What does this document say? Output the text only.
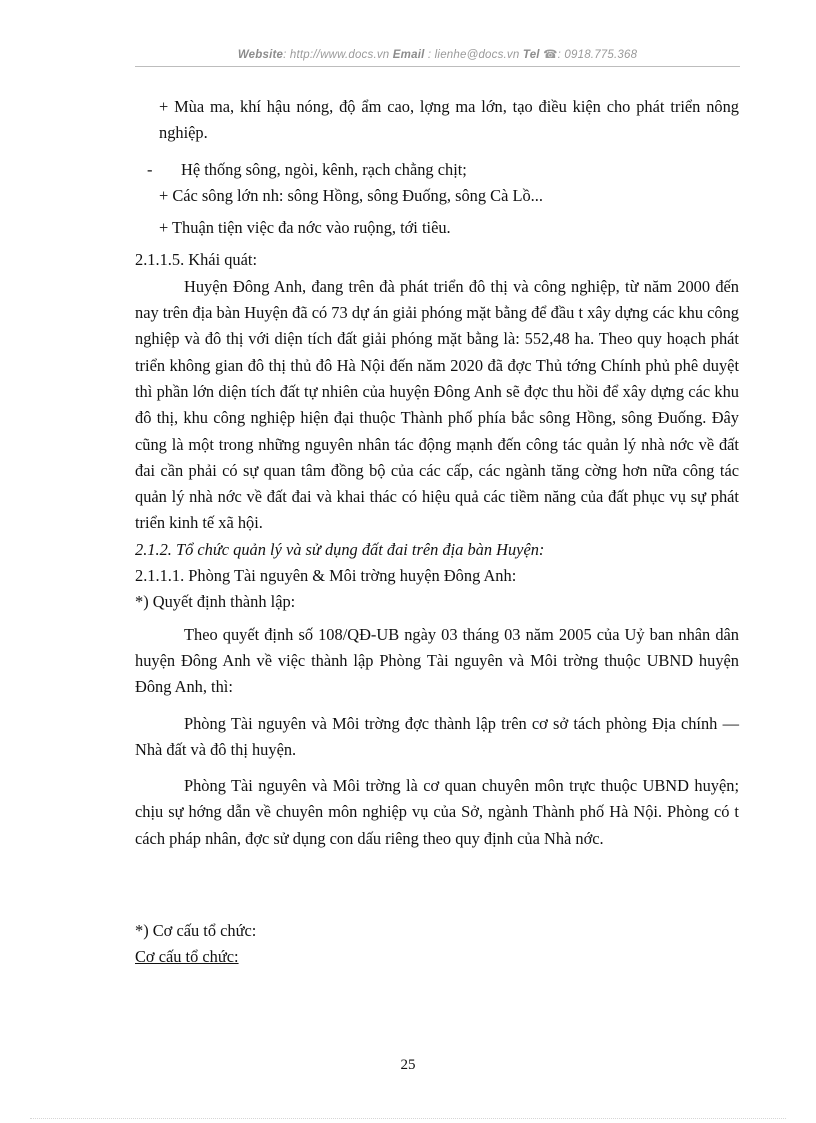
Website: http://www.docs.vn Email : lienhe@docs.vn Tel ☎: 0918.775.368

+ Mùa ma, khí hậu nóng, độ ẩm cao, lợng ma lớn, tạo điều kiện cho phát triển nông nghiệp.

- Hệ thống sông, ngòi, kênh, rạch chằng chịt;

+ Các sông lớn nh: sông Hồng, sông Đuống, sông Cà Lồ...

+ Thuận tiện việc đa nớc vào ruộng, tới tiêu.

2.1.1.5. Khái quát:

Huyện Đông Anh, đang trên đà phát triển đô thị và công nghiệp, từ năm 2000 đến nay trên địa bàn Huyện đã có 73 dự án giải phóng mặt bằng để đầu t xây dựng các khu công nghiệp và đô thị với diện tích đất giải phóng mặt bằng là: 552,48 ha. Theo quy hoạch phát triển không gian đô thị thủ đô Hà Nội đến năm 2020 đã đợc Thủ tớng Chính phủ phê duyệt thì phần lớn diện tích đất tự nhiên của huyện Đông Anh sẽ đợc thu hồi để xây dựng các khu đô thị, khu công nghiệp hiện đại thuộc Thành phố phía bắc sông Hồng, sông Đuống. Đây cũng là một trong những nguyên nhân tác động mạnh đến công tác quản lý nhà nớc về đất đai cần phải có sự quan tâm đồng bộ của các cấp, các ngành tăng cờng hơn nữa công tác quản lý nhà nớc về đất đai và khai thác có hiệu quả các tiềm năng của đất phục vụ sự phát triển kinh tế xã hội.

2.1.2. Tổ chức quản lý và sử dụng đất đai trên địa bàn Huyện:

2.1.1.1. Phòng Tài nguyên & Môi trờng huyện Đông Anh:

*) Quyết định thành lập:

Theo quyết định số 108/QĐ-UB ngày 03 tháng 03 năm 2005 của Uỷ ban nhân dân huyện Đông Anh về việc thành lập Phòng Tài nguyên và Môi trờng thuộc UBND huyện Đông Anh, thì:

Phòng Tài nguyên và Môi trờng đợc thành lập trên cơ sở tách phòng Địa chính — Nhà đất và đô thị huyện.

Phòng Tài nguyên và Môi trờng là cơ quan chuyên môn trực thuộc UBND huyện; chịu sự hớng dẫn về chuyên môn nghiệp vụ của Sở, ngành Thành phố Hà Nội. Phòng có t cách pháp nhân, đợc sử dụng con dấu riêng theo quy định của Nhà nớc.

*) Cơ cấu tổ chức:

Cơ cấu tổ chức:

25
